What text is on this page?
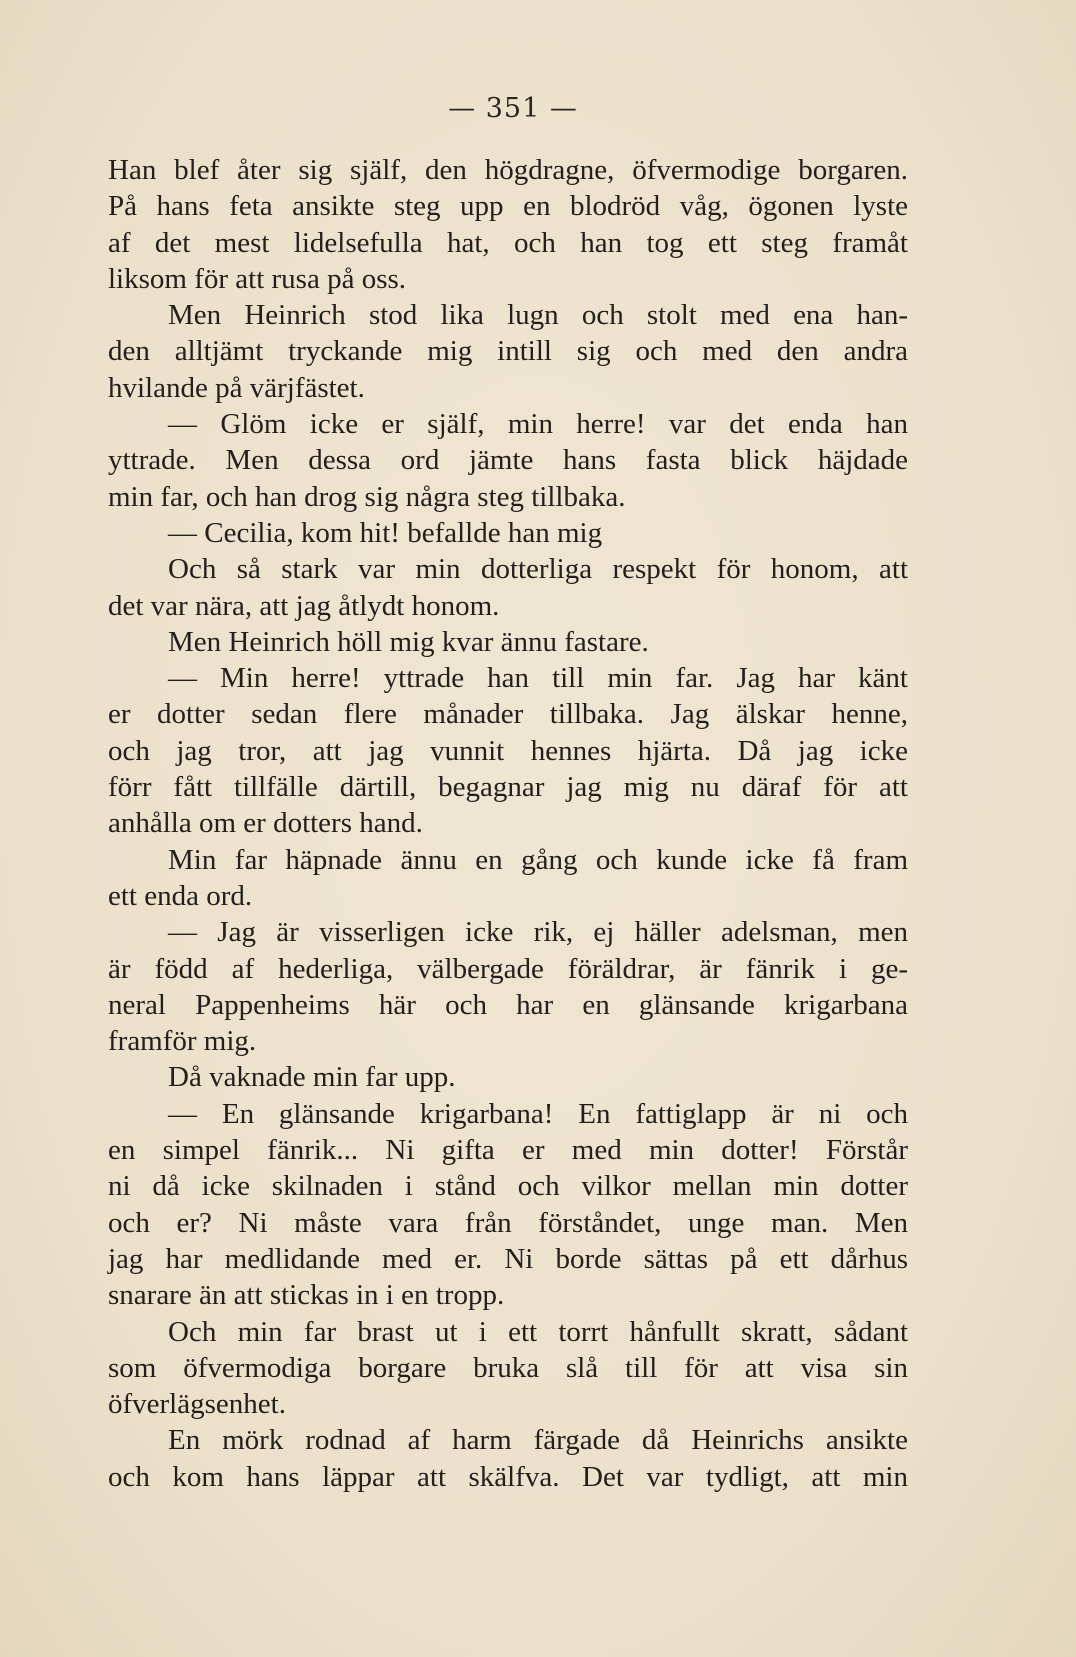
— 351 —

Han blef åter sig själf, den högdragne, öfvermodige borgaren.

På hans feta ansikte steg upp en blodröd våg, ögonen lyste

af det mest lidelsefulla hat, och han tog ett steg framåt

liksom för att rusa på oss.

Men Heinrich stod lika lugn och stolt med ena han-

den alltjämt tryckande mig intill sig och med den andra

hvilande på värjfästet.

— Glöm icke er själf, min herre! var det enda han

yttrade. Men dessa ord jämte hans fasta blick häjdade

min far, och han drog sig några steg tillbaka.

— Cecilia, kom hit! befallde han mig

Och så stark var min dotterliga respekt för honom, att

det var nära, att jag åtlydt honom.

Men Heinrich höll mig kvar ännu fastare.

— Min herre! yttrade han till min far. Jag har känt

er dotter sedan flere månader tillbaka. Jag älskar henne,

och jag tror, att jag vunnit hennes hjärta. Då jag icke

förr fått tillfälle därtill, begagnar jag mig nu däraf för att

anhålla om er dotters hand.

Min far häpnade ännu en gång och kunde icke få fram

ett enda ord.

— Jag är visserligen icke rik, ej häller adelsman, men

är född af hederliga, välbergade föräldrar, är fänrik i ge-

neral Pappenheims här och har en glänsande krigarbana

framför mig.

Då vaknade min far upp.

— En glänsande krigarbana! En fattiglapp är ni och

en simpel fänrik... Ni gifta er med min dotter! Förstår

ni då icke skilnaden i stånd och vilkor mellan min dotter

och er? Ni måste vara från förståndet, unge man. Men

jag har medlidande med er. Ni borde sättas på ett dårhus

snarare än att stickas in i en tropp.

Och min far brast ut i ett torrt hånfullt skratt, sådant

som öfvermodiga borgare bruka slå till för att visa sin

öfverlägsenhet.

En mörk rodnad af harm färgade då Heinrichs ansikte

och kom hans läppar att skälfva. Det var tydligt, att min
